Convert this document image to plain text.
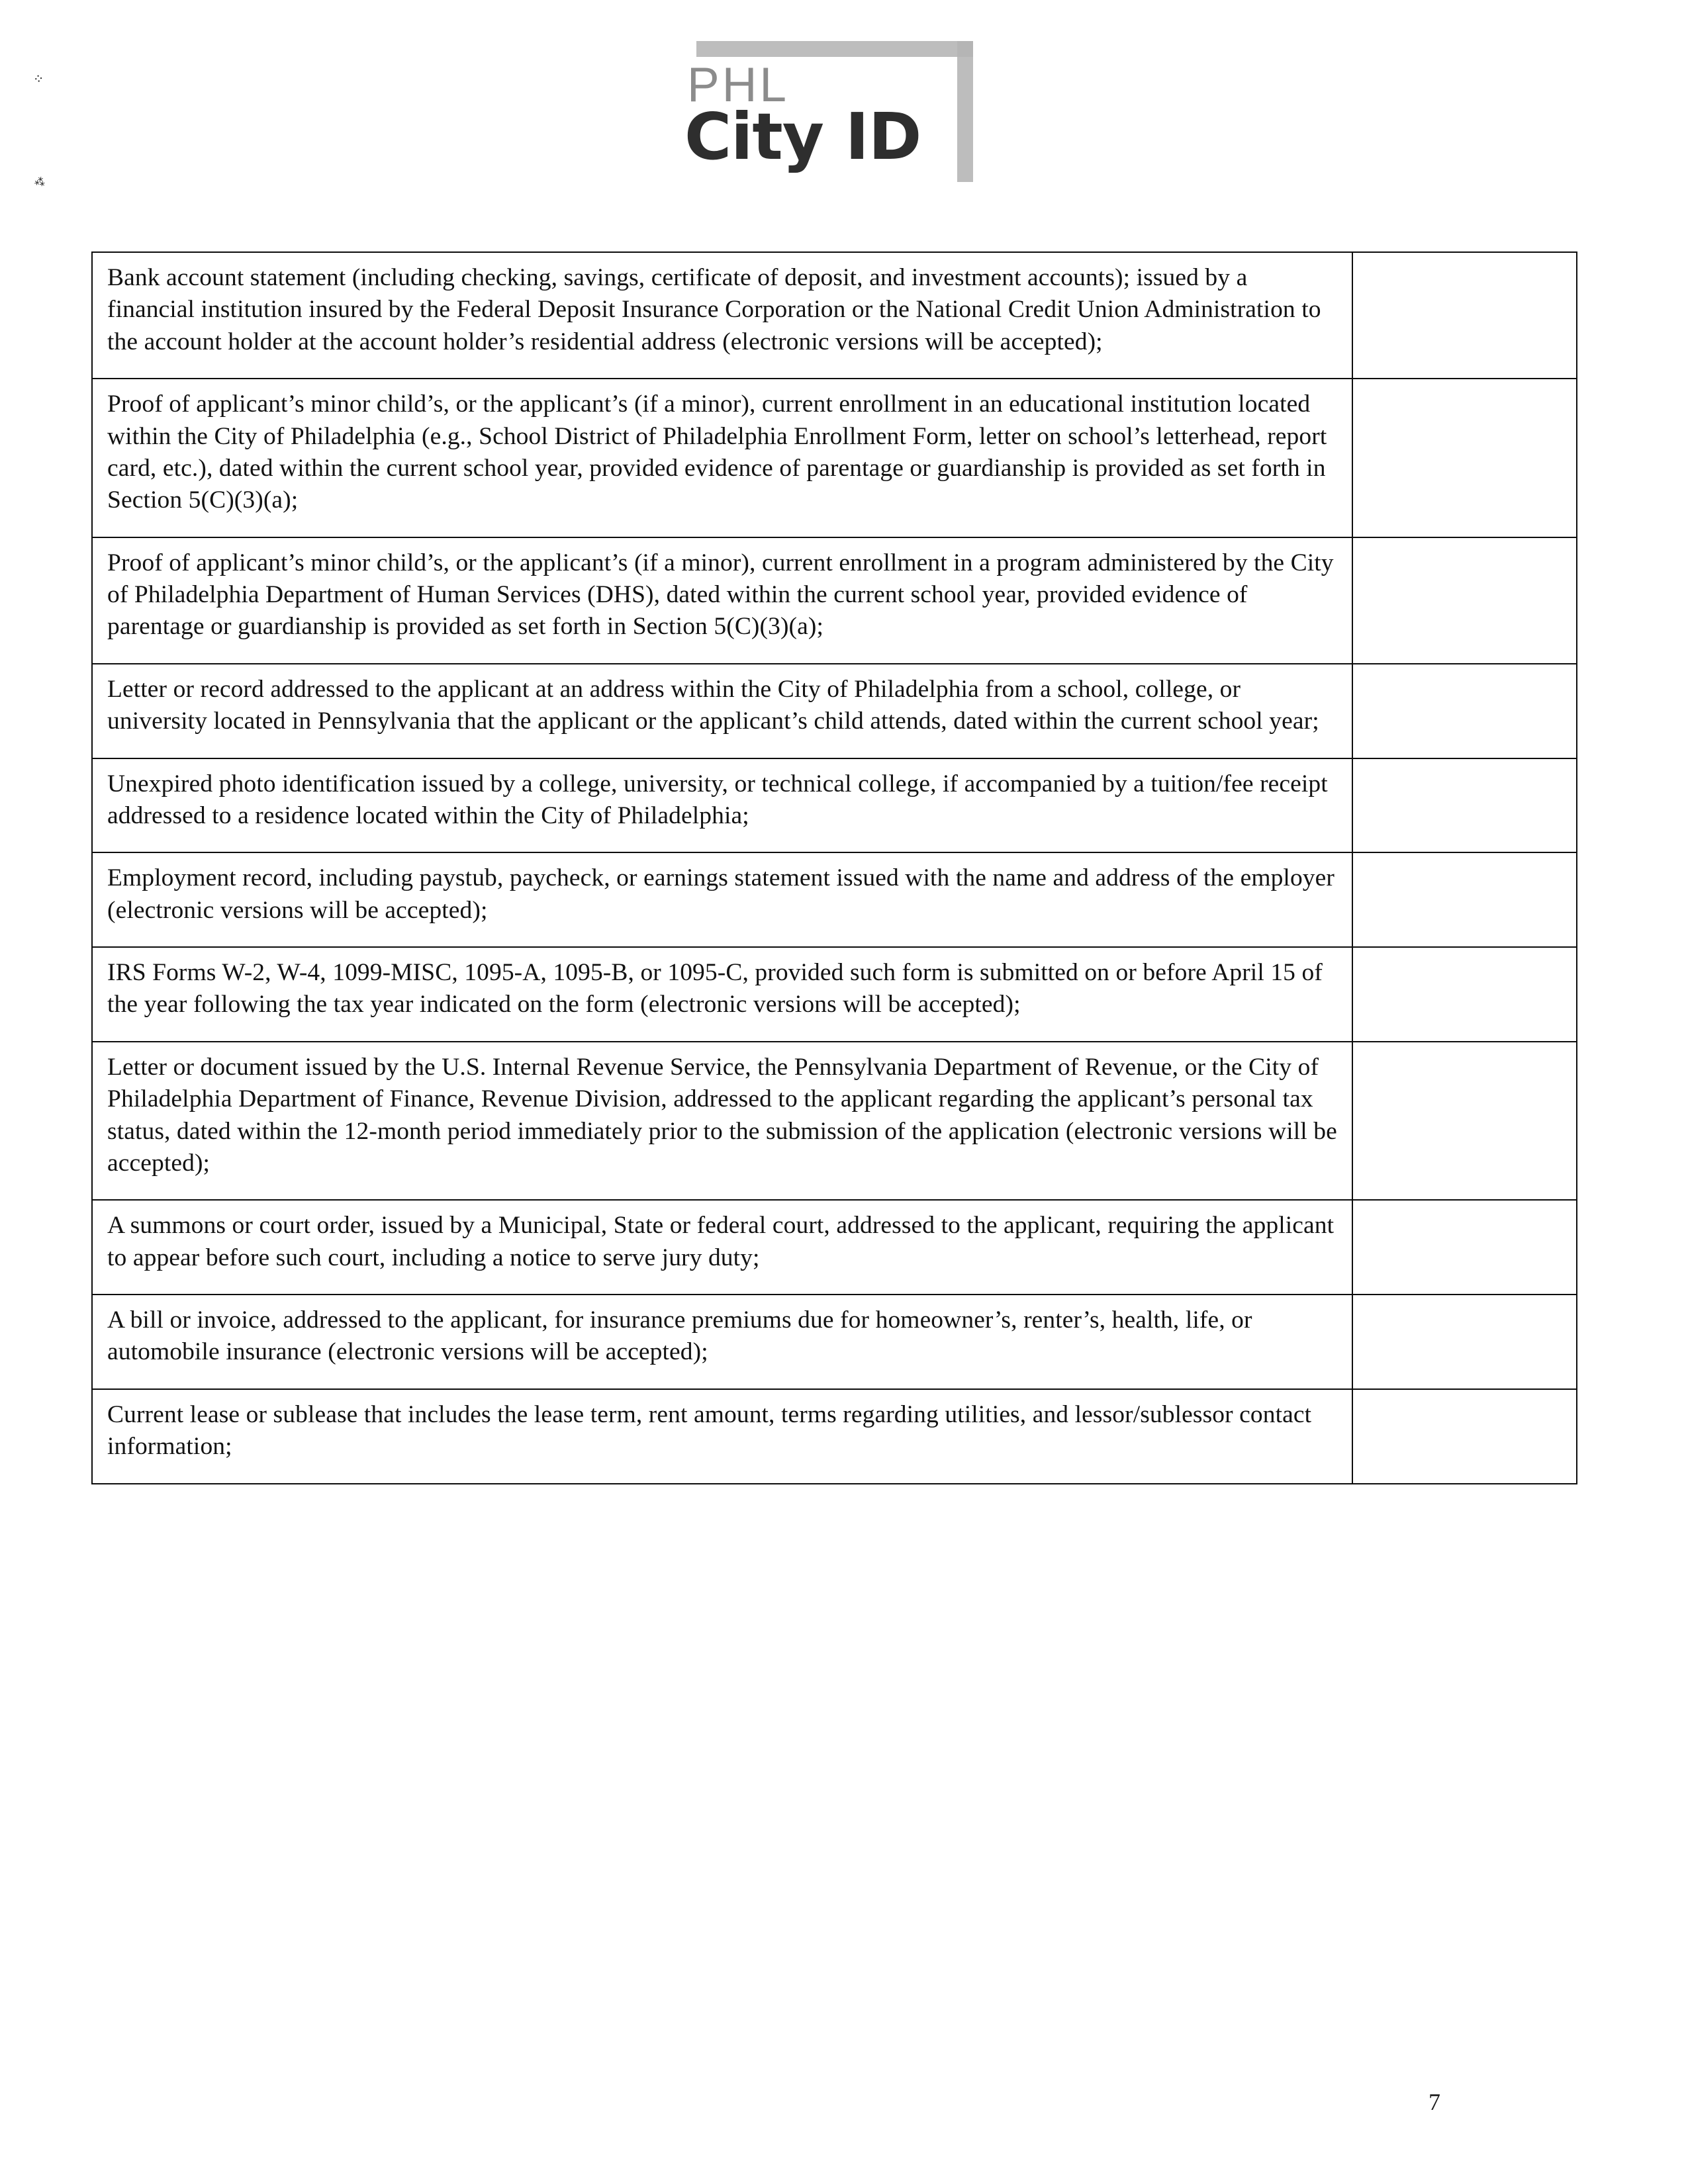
⁘
⁂
PHL
City ID
Bank account statement (including checking, savings, certificate of deposit, and investment accounts); issued by a financial institution insured by the Federal Deposit Insurance Corporation or the National Credit Union Administration to the account holder at the account holder’s residential address (electronic versions will be accepted);	
Proof of applicant’s minor child’s, or the applicant’s (if a minor), current enrollment in an educational institution located within the City of Philadelphia (e.g., School District of Philadelphia Enrollment Form, letter on school’s letterhead, report card, etc.), dated within the current school year, provided evidence of parentage or guardianship is provided as set forth in Section 5(C)(3)(a);	
Proof of applicant’s minor child’s, or the applicant’s (if a minor), current enrollment in a program administered by the City of Philadelphia Department of Human Services (DHS), dated within the current school year, provided evidence of parentage or guardianship is provided as set forth in Section 5(C)(3)(a);	
Letter or record addressed to the applicant at an address within the City of Philadelphia from a school, college, or university located in Pennsylvania that the applicant or the applicant’s child attends, dated within the current school year;	
Unexpired photo identification issued by a college, university, or technical college, if accompanied by a tuition/fee receipt addressed to a residence located within the City of Philadelphia;	
Employment record, including paystub, paycheck, or earnings statement issued with the name and address of the employer (electronic versions will be accepted);	
IRS Forms W-2, W-4, 1099-MISC, 1095-A, 1095-B, or 1095-C, provided such form is submitted on or before April 15 of the year following the tax year indicated on the form (electronic versions will be accepted);	
Letter or document issued by the U.S. Internal Revenue Service, the Pennsylvania Department of Revenue, or the City of Philadelphia Department of Finance, Revenue Division, addressed to the applicant regarding the applicant’s personal tax status, dated within the 12-month period immediately prior to the submission of the application (electronic versions will be accepted);	
A summons or court order, issued by a Municipal, State or federal court, addressed to the applicant, requiring the applicant to appear before such court, including a notice to serve jury duty;	
A bill or invoice, addressed to the applicant, for insurance premiums due for homeowner’s, renter’s, health, life, or automobile insurance (electronic versions will be accepted);	
Current lease or sublease that includes the lease term, rent amount, terms regarding utilities, and lessor/sublessor contact information;	
7
